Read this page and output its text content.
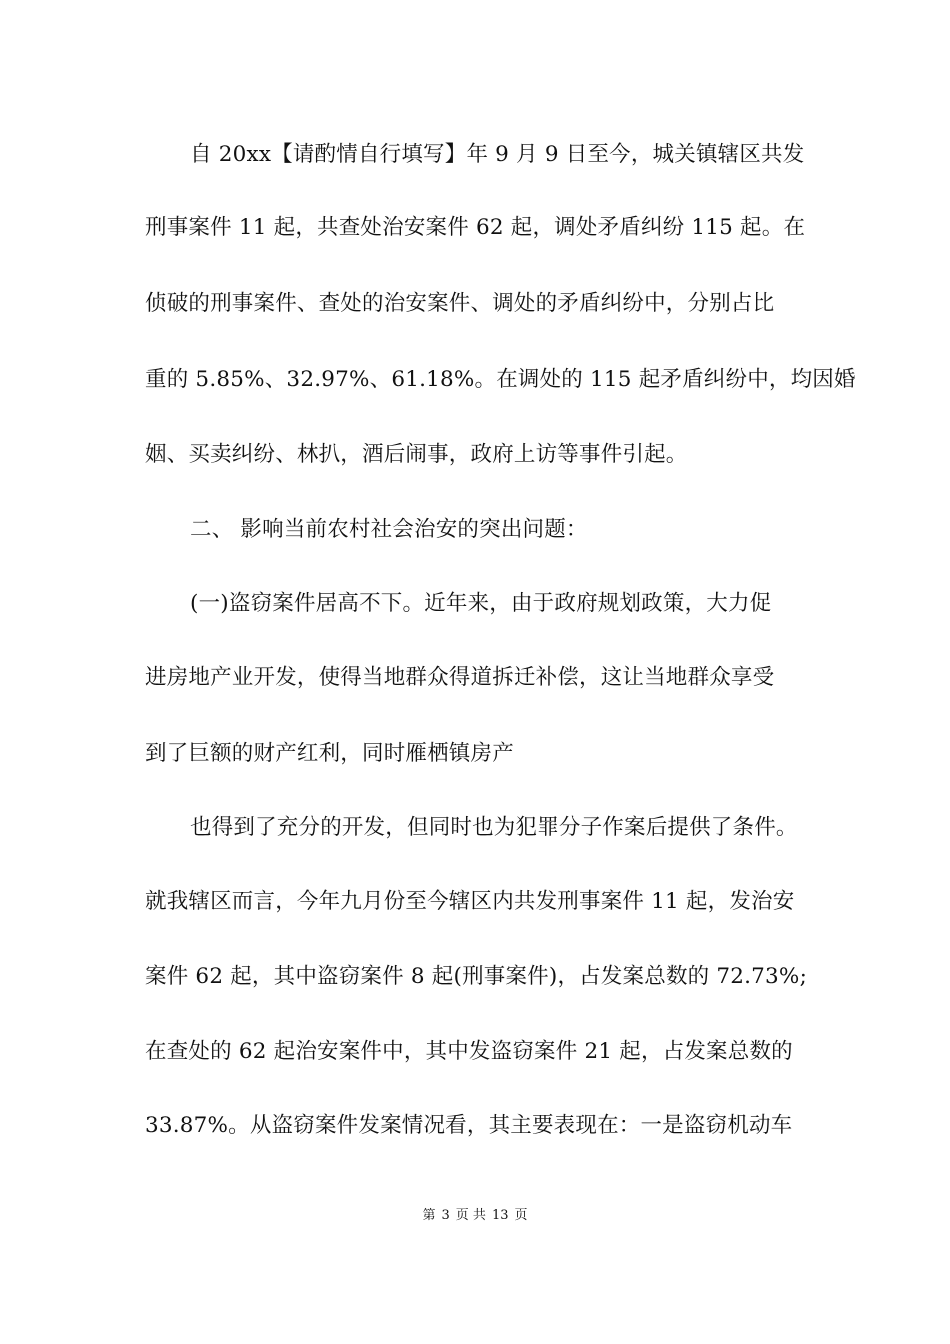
自 20xx【请酌情自行填写】年 9 月 9 日至今，城关镇辖区共发
刑事案件 11 起，共查处治安案件 62 起，调处矛盾纠纷 115 起。在
侦破的刑事案件、查处的治安案件、调处的矛盾纠纷中，分别占比
重的 5.85%、32.97%、61.18%。在调处的 115 起矛盾纠纷中，均因婚
姻、买卖纠纷、林扒，酒后闹事，政府上访等事件引起。
二、 影响当前农村社会治安的突出问题：
(一)盗窃案件居高不下。近年来，由于政府规划政策，大力促
进房地产业开发，使得当地群众得道拆迁补偿，这让当地群众享受
到了巨额的财产红利，同时雁栖镇房产
也得到了充分的开发，但同时也为犯罪分子作案后提供了条件。
就我辖区而言，今年九月份至今辖区内共发刑事案件 11 起，发治安
案件 62 起，其中盗窃案件 8 起(刑事案件)，占发案总数的 72.73%;
在查处的 62 起治安案件中，其中发盗窃案件 21 起，占发案总数的
33.87%。从盗窃案件发案情况看，其主要表现在：一是盗窃机动车
第 3 页 共 13 页
